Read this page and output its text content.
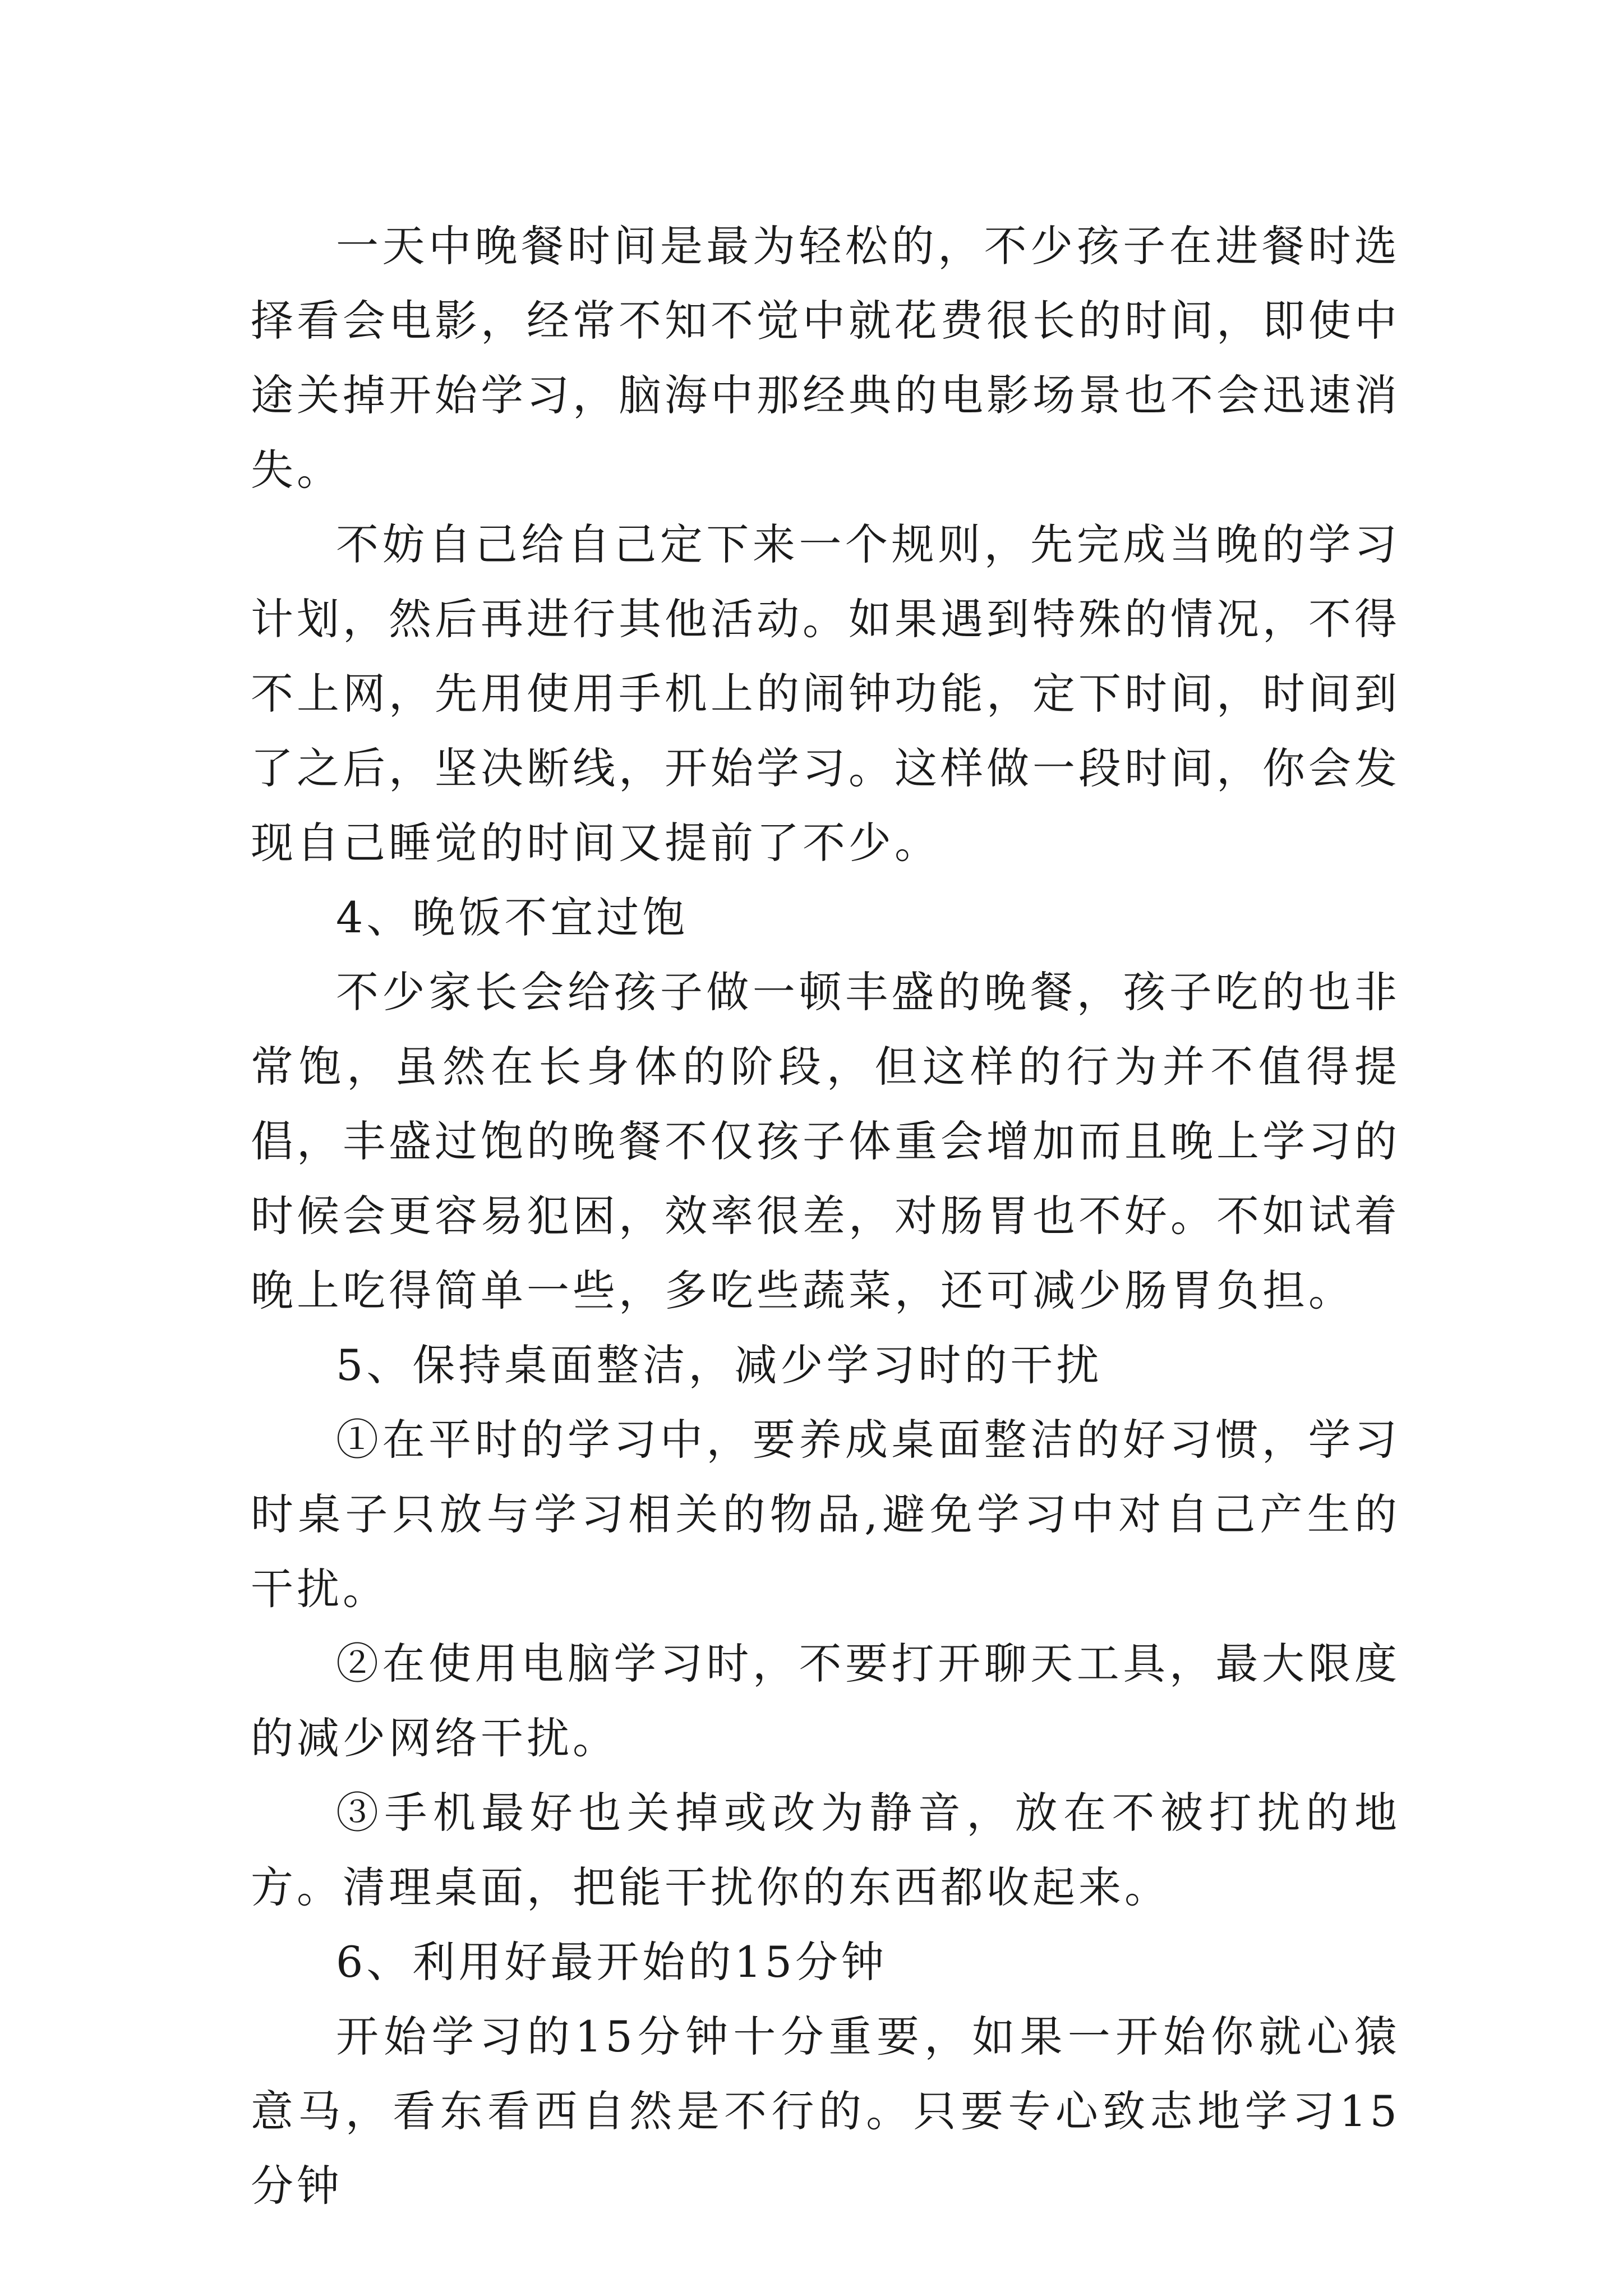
一天中晚餐时间是最为轻松的，不少孩子在进餐时选择看会电影，经常不知不觉中就花费很长的时间，即使中途关掉开始学习，脑海中那经典的电影场景也不会迅速消失。

不妨自己给自己定下来一个规则，先完成当晚的学习计划，然后再进行其他活动。如果遇到特殊的情况，不得不上网，先用使用手机上的闹钟功能，定下时间，时间到了之后，坚决断线，开始学习。这样做一段时间，你会发现自己睡觉的时间又提前了不少。

4、晚饭不宜过饱

不少家长会给孩子做一顿丰盛的晚餐，孩子吃的也非常饱，虽然在长身体的阶段，但这样的行为并不值得提倡，丰盛过饱的晚餐不仅孩子体重会增加而且晚上学习的时候会更容易犯困，效率很差，对肠胃也不好。不如试着晚上吃得简单一些，多吃些蔬菜，还可减少肠胃负担。

5、保持桌面整洁，减少学习时的干扰

①在平时的学习中，要养成桌面整洁的好习惯，学习时桌子只放与学习相关的物品,避免学习中对自己产生的干扰。

②在使用电脑学习时，不要打开聊天工具，最大限度的减少网络干扰。

③手机最好也关掉或改为静音，放在不被打扰的地方。清理桌面，把能干扰你的东西都收起来。

6、利用好最开始的15分钟

开始学习的15分钟十分重要，如果一开始你就心猿意马，看东看西自然是不行的。只要专心致志地学习15分钟
